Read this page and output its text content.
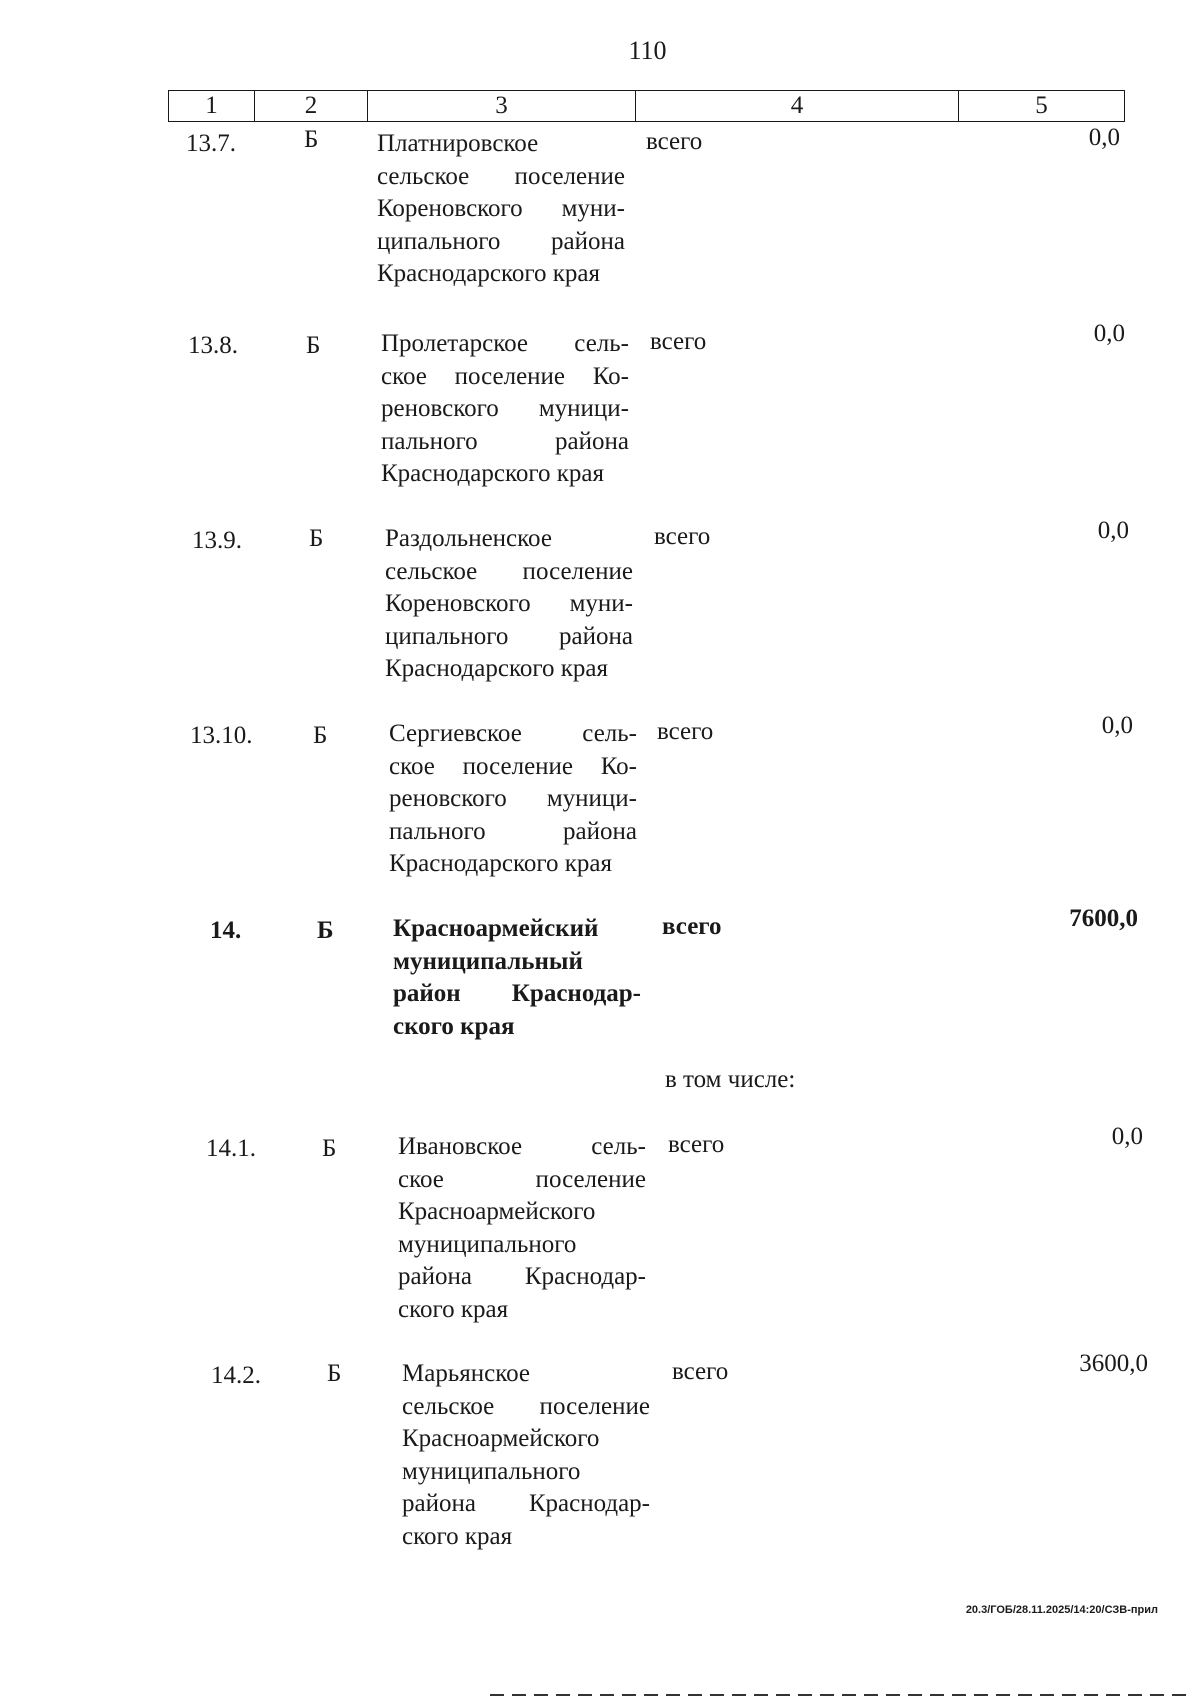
110
1	2	3	4	5
13.7.	Б Платнировское
сельское поселение
Кореновского муни-
ципального района
Краснодарского края
всего	0,0
13.8.	Б Пролетарское сель-
ское поселение Ко-
реновского муници-
пального района
Краснодарского края
всего	0,0
13.9.	Б Раздольненское
сельское поселение
Кореновского муни-
ципального района
Краснодарского края
всего	0,0
13.10. Б Сергиевское сель-
ское поселение Ко-
реновского муници-
пального района
Краснодарского края
всего	0,0
14.	Б Красноармейский
муниципальный
район Краснодар-
ского края
всего	7600,0
в том числе:
14.1.	Б Ивановское сель-
ское поселение
Красноармейского
муниципального
района Краснодар-
ского края
всего	0,0
14.2.	Б Марьянское
сельское поселение
Красноармейского
муниципального
района Краснодар-
ского края
всего	3600,0
20.3/ГОБ/28.11.2025/14:20/СЗВ-прил
